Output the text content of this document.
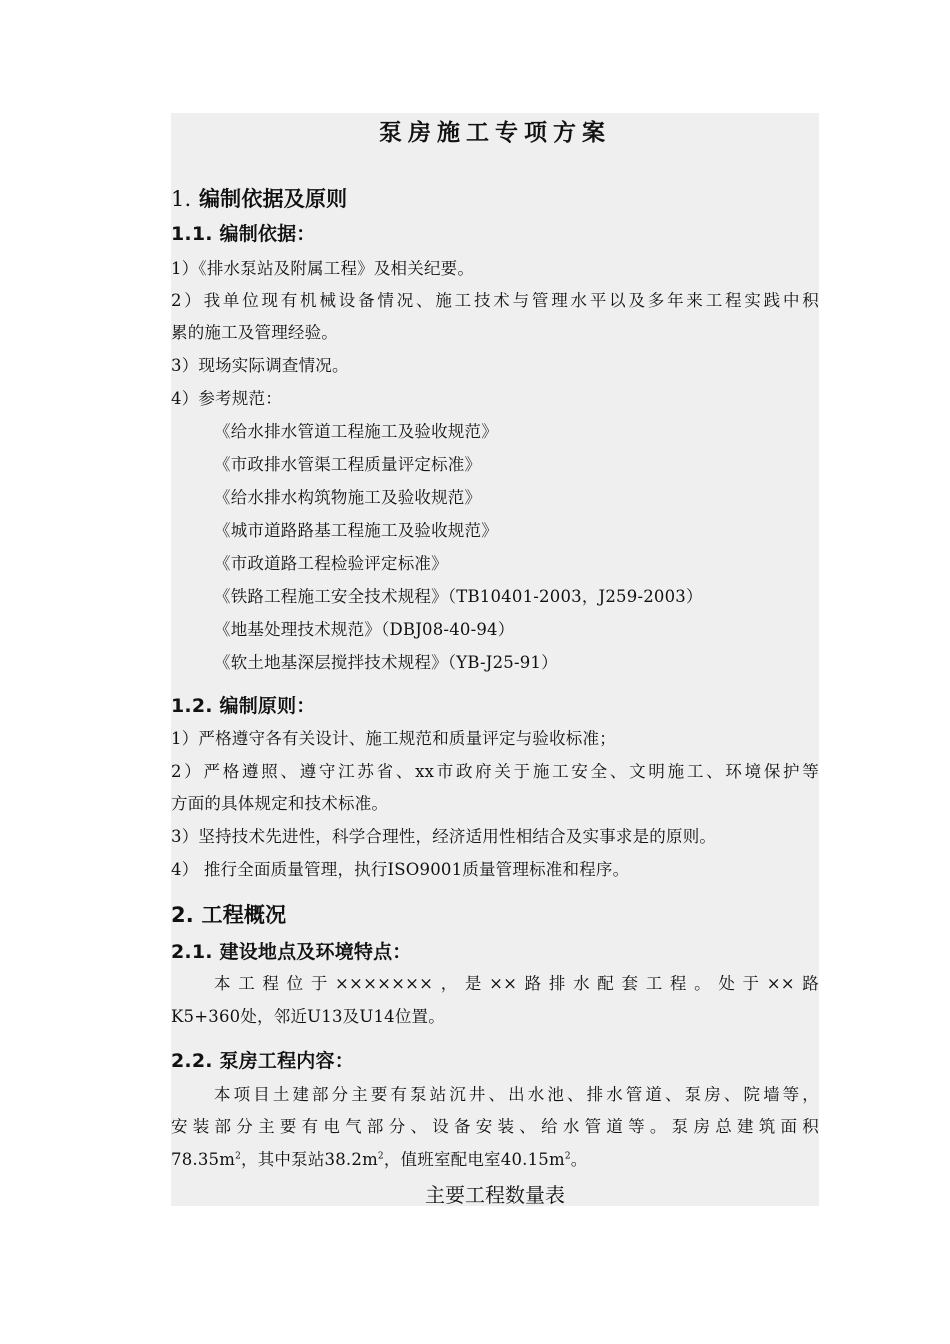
泵房施工专项方案
1. 编制依据及原则
1.1. 编制依据：
1）《排水泵站及附属工程》及相关纪要。
2）我单位现有机械设备情况、施工技术与管理水平以及多年来工程实践中积
累的施工及管理经验。
3）现场实际调查情况。
4）参考规范：
《给水排水管道工程施工及验收规范》
《市政排水管渠工程质量评定标准》
《给水排水构筑物施工及验收规范》
《城市道路路基工程施工及验收规范》
《市政道路工程检验评定标准》
《铁路工程施工安全技术规程》（TB10401-2003，J259-2003）
《地基处理技术规范》（DBJ08-40-94）
《软土地基深层搅拌技术规程》（YB-J25-91）
1.2. 编制原则：
1）严格遵守各有关设计、施工规范和质量评定与验收标准；
2）严格遵照、遵守江苏省、xx市政府关于施工安全、文明施工、环境保护等
方面的具体规定和技术标准。
3）坚持技术先进性，科学合理性，经济适用性相结合及实事求是的原则。
4） 推行全面质量管理，执行ISO9001质量管理标准和程序。
2. 工程概况
2.1. 建设地点及环境特点：
本工程位于×××××××，是××路排水配套工程。处于××路
K5+360处，邻近U13及U14位置。
2.2. 泵房工程内容：
本项目土建部分主要有泵站沉井、出水池、排水管道、泵房、院墙等，
安装部分主要有电气部分、设备安装、给水管道等。泵房总建筑面积
$78.35m^2$，其中泵站$38.2m^2$，值班室配电室$40.15m^2$。
主要工程数量表
